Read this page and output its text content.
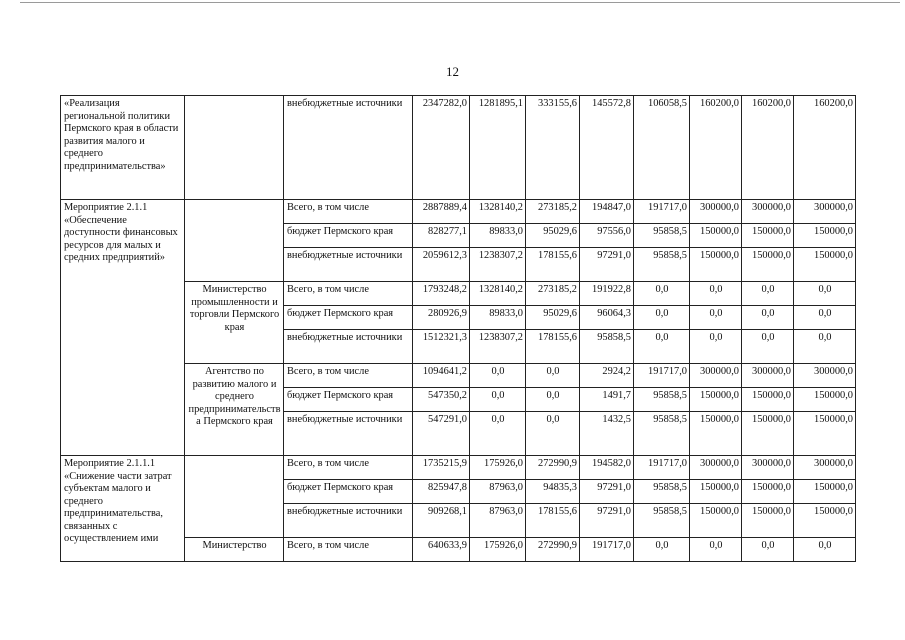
12
«Реализация региональной политики Пермского края в области развития малого и среднего предпринимательства»		внебюджетные источники	2347282,0	1281895,1	333155,6	145572,8	106058,5	160200,0	160200,0	160200,0
Мероприятие 2.1.1 «Обеспечение доступности финансовых ресурсов для малых и средних предприятий»		Всего, в том числе	2887889,4	1328140,2	273185,2	194847,0	191717,0	300000,0	300000,0	300000,0
		бюджет Пермского края	828277,1	89833,0	95029,6	97556,0	95858,5	150000,0	150000,0	150000,0
		внебюджетные источники	2059612,3	1238307,2	178155,6	97291,0	95858,5	150000,0	150000,0	150000,0
	Министерство промышленности и торговли Пермского края	Всего, в том числе	1793248,2	1328140,2	273185,2	191922,8	0,0	0,0	0,0	0,0
		бюджет Пермского края	280926,9	89833,0	95029,6	96064,3	0,0	0,0	0,0	0,0
		внебюджетные источники	1512321,3	1238307,2	178155,6	95858,5	0,0	0,0	0,0	0,0
	Агентство по развитию малого и среднего предпринимательства Пермского края	Всего, в том числе	1094641,2	0,0	0,0	2924,2	191717,0	300000,0	300000,0	300000,0
		бюджет Пермского края	547350,2	0,0	0,0	1491,7	95858,5	150000,0	150000,0	150000,0
		внебюджетные источники	547291,0	0,0	0,0	1432,5	95858,5	150000,0	150000,0	150000,0
Мероприятие 2.1.1.1 «Снижение части затрат субъектам малого и среднего предпринимательства, связанных с осуществлением ими		Всего, в том числе	1735215,9	175926,0	272990,9	194582,0	191717,0	300000,0	300000,0	300000,0
		бюджет Пермского края	825947,8	87963,0	94835,3	97291,0	95858,5	150000,0	150000,0	150000,0
		внебюджетные источники	909268,1	87963,0	178155,6	97291,0	95858,5	150000,0	150000,0	150000,0
	Министерство	Всего, в том числе	640633,9	175926,0	272990,9	191717,0	0,0	0,0	0,0	0,0
